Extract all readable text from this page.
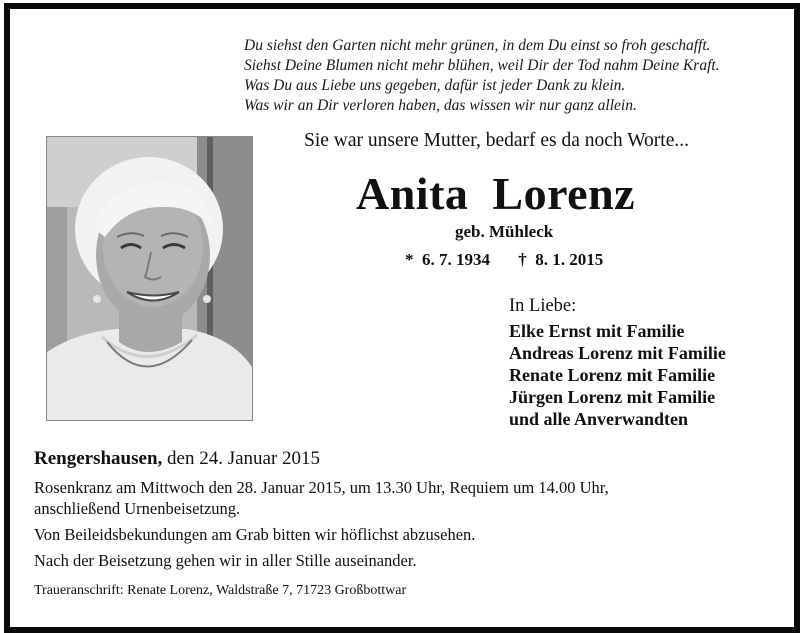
Du siehst den Garten nicht mehr grünen, in dem Du einst so froh geschafft.
Siehst Deine Blumen nicht mehr blühen, weil Dir der Tod nahm Deine Kraft.
Was Du aus Liebe uns gegeben, dafür ist jeder Dank zu klein.
Was wir an Dir verloren haben, das wissen wir nur ganz allein.
Sie war unsere Mutter, bedarf es da noch Worte...
Anita  Lorenz
geb. Mühleck
*  6. 7. 1934 †  8. 1. 2015
In Liebe:
Elke Ernst mit Familie
Andreas Lorenz mit Familie
Renate Lorenz mit Familie
Jürgen Lorenz mit Familie
und alle Anverwandten
Rengershausen, den 24. Januar 2015
Rosenkranz am Mittwoch den 28. Januar 2015, um 13.30 Uhr, Requiem um 14.00 Uhr,
anschließend Urnenbeisetzung.
Von Beileidsbekundungen am Grab bitten wir höflichst abzusehen.
Nach der Beisetzung gehen wir in aller Stille auseinander.
Traueranschrift: Renate Lorenz, Waldstraße 7, 71723 Großbottwar
